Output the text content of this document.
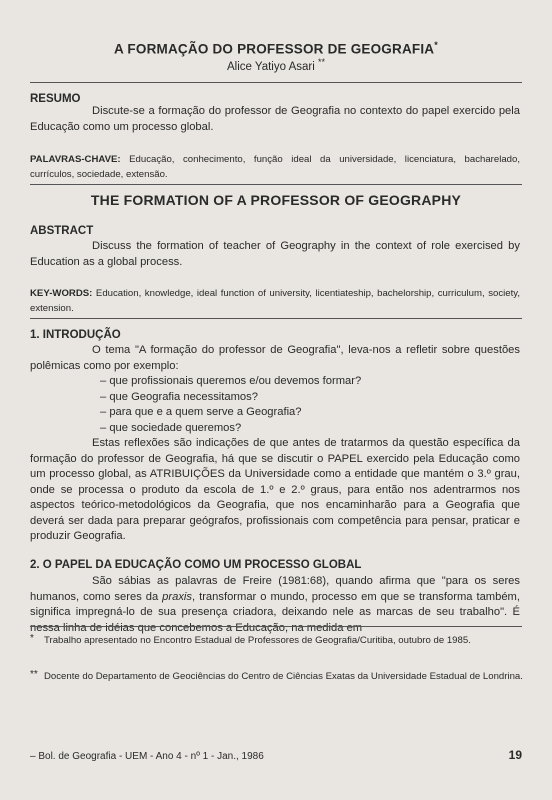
A FORMAÇÃO DO PROFESSOR DE GEOGRAFIA*
Alice Yatiyo Asari **
RESUMO
Discute-se a formação do professor de Geografia no contexto do papel exercido pela Educação como um processo global.
PALAVRAS-CHAVE: Educação, conhecimento, função ideal da universidade, licenciatura, bacharelado, currículos, sociedade, extensão.
THE FORMATION OF A PROFESSOR OF GEOGRAPHY
ABSTRACT
Discuss the formation of teacher of Geography in the context of role exercised by Education as a global process.
KEY-WORDS: Education, knowledge, ideal function of university, licentiateship, bachelorship, curriculum, society, extension.
1. INTRODUÇÃO
O tema "A formação do professor de Geografia", leva-nos a refletir sobre questões polêmicas como por exemplo:
– que profissionais queremos e/ou devemos formar?
– que Geografia necessitamos?
– para que e a quem serve a Geografia?
– que sociedade queremos?
Estas reflexões são indicações de que antes de tratarmos da questão específica da formação do professor de Geografia, há que se discutir o PAPEL exercido pela Educação como um processo global, as ATRIBUIÇÕES da Universidade como a entidade que mantém o 3.º grau, onde se processa o produto da escola de 1.º e 2.º graus, para então nos adentrarmos nos aspectos teórico-metodológicos da Geografia, que nos encaminharão para a Geografia que deverá ser dada para preparar geógrafos, profissionais com competência para pensar, praticar e produzir Geografia.
2. O PAPEL DA EDUCAÇÃO COMO UM PROCESSO GLOBAL
São sábias as palavras de Freire (1981:68), quando afirma que "para os seres humanos, como seres da praxis, transformar o mundo, processo em que se transforma também, significa impregná-lo de sua presença criadora, deixando nele as marcas de seu trabalho". É nessa linha de idéias que concebemos a Educação, na medida em
*	Trabalho apresentado no Encontro Estadual de Professores de Geografia/Curitiba, outubro de 1985.
** Docente do Departamento de Geociências do Centro de Ciências Exatas da Universidade Estadual de Londrina.
– Bol. de Geografia - UEM - Ano 4 - nº 1 - Jan., 1986	19
